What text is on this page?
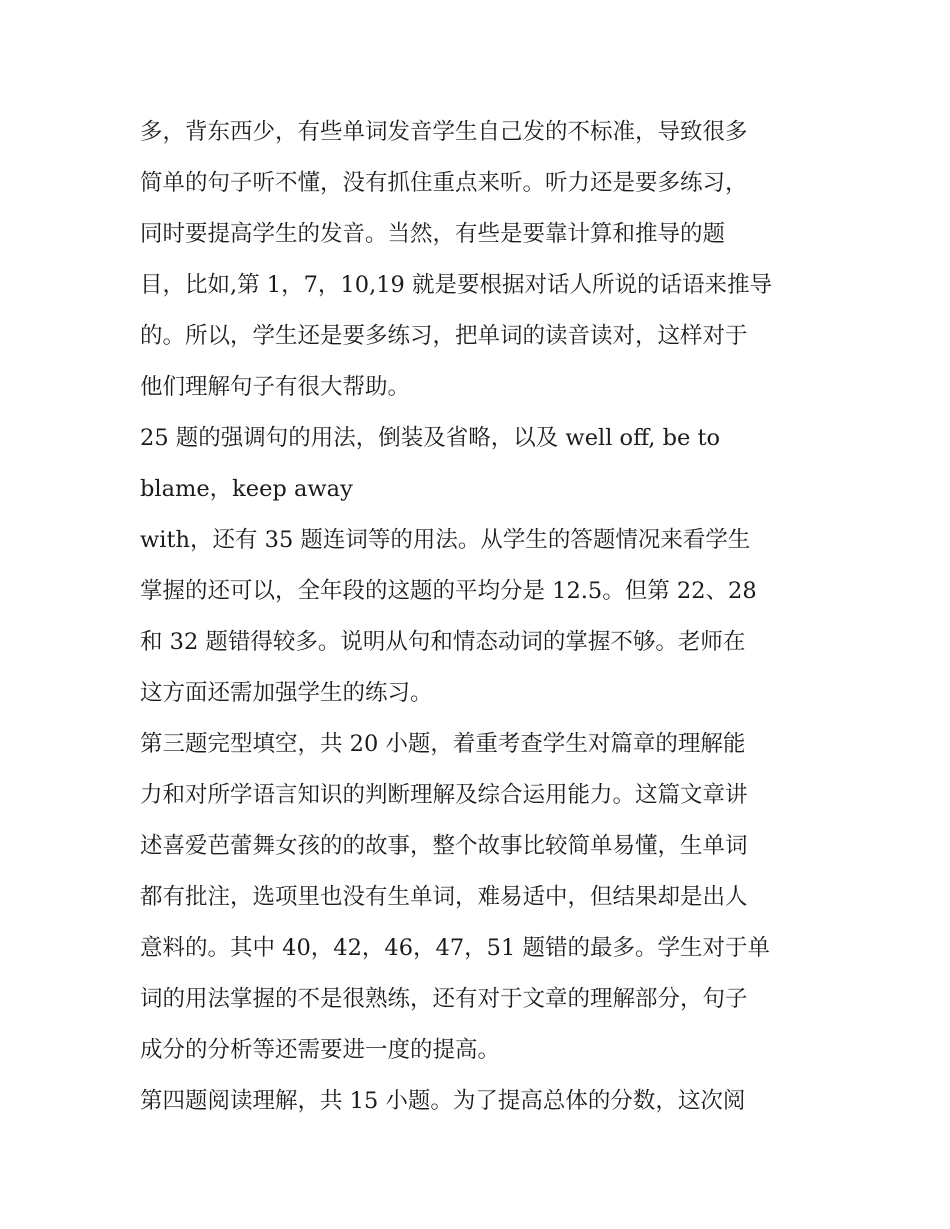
多，背东西少，有些单词发音学生自己发的不标准，导致很多
简单的句子听不懂，没有抓住重点来听。听力还是要多练习，
同时要提高学生的发音。当然，有些是要靠计算和推导的题
目，比如,第 1，7，10,19 就是要根据对话人所说的话语来推导
的。所以，学生还是要多练习，把单词的读音读对，这样对于
他们理解句子有很大帮助。
25 题的强调句的用法，倒装及省略，以及 well off, be to
blame，keep away
with，还有 35 题连词等的用法。从学生的答题情况来看学生
掌握的还可以，全年段的这题的平均分是 12.5。但第 22、28
和 32 题错得较多。说明从句和情态动词的掌握不够。老师在
这方面还需加强学生的练习。
第三题完型填空，共 20 小题，着重考查学生对篇章的理解能
力和对所学语言知识的判断理解及综合运用能力。这篇文章讲
述喜爱芭蕾舞女孩的的故事，整个故事比较简单易懂，生单词
都有批注，选项里也没有生单词，难易适中，但结果却是出人
意料的。其中 40，42，46，47，51 题错的最多。学生对于单
词的用法掌握的不是很熟练，还有对于文章的理解部分，句子
成分的分析等还需要进一度的提高。
第四题阅读理解，共 15 小题。为了提高总体的分数，这次阅
